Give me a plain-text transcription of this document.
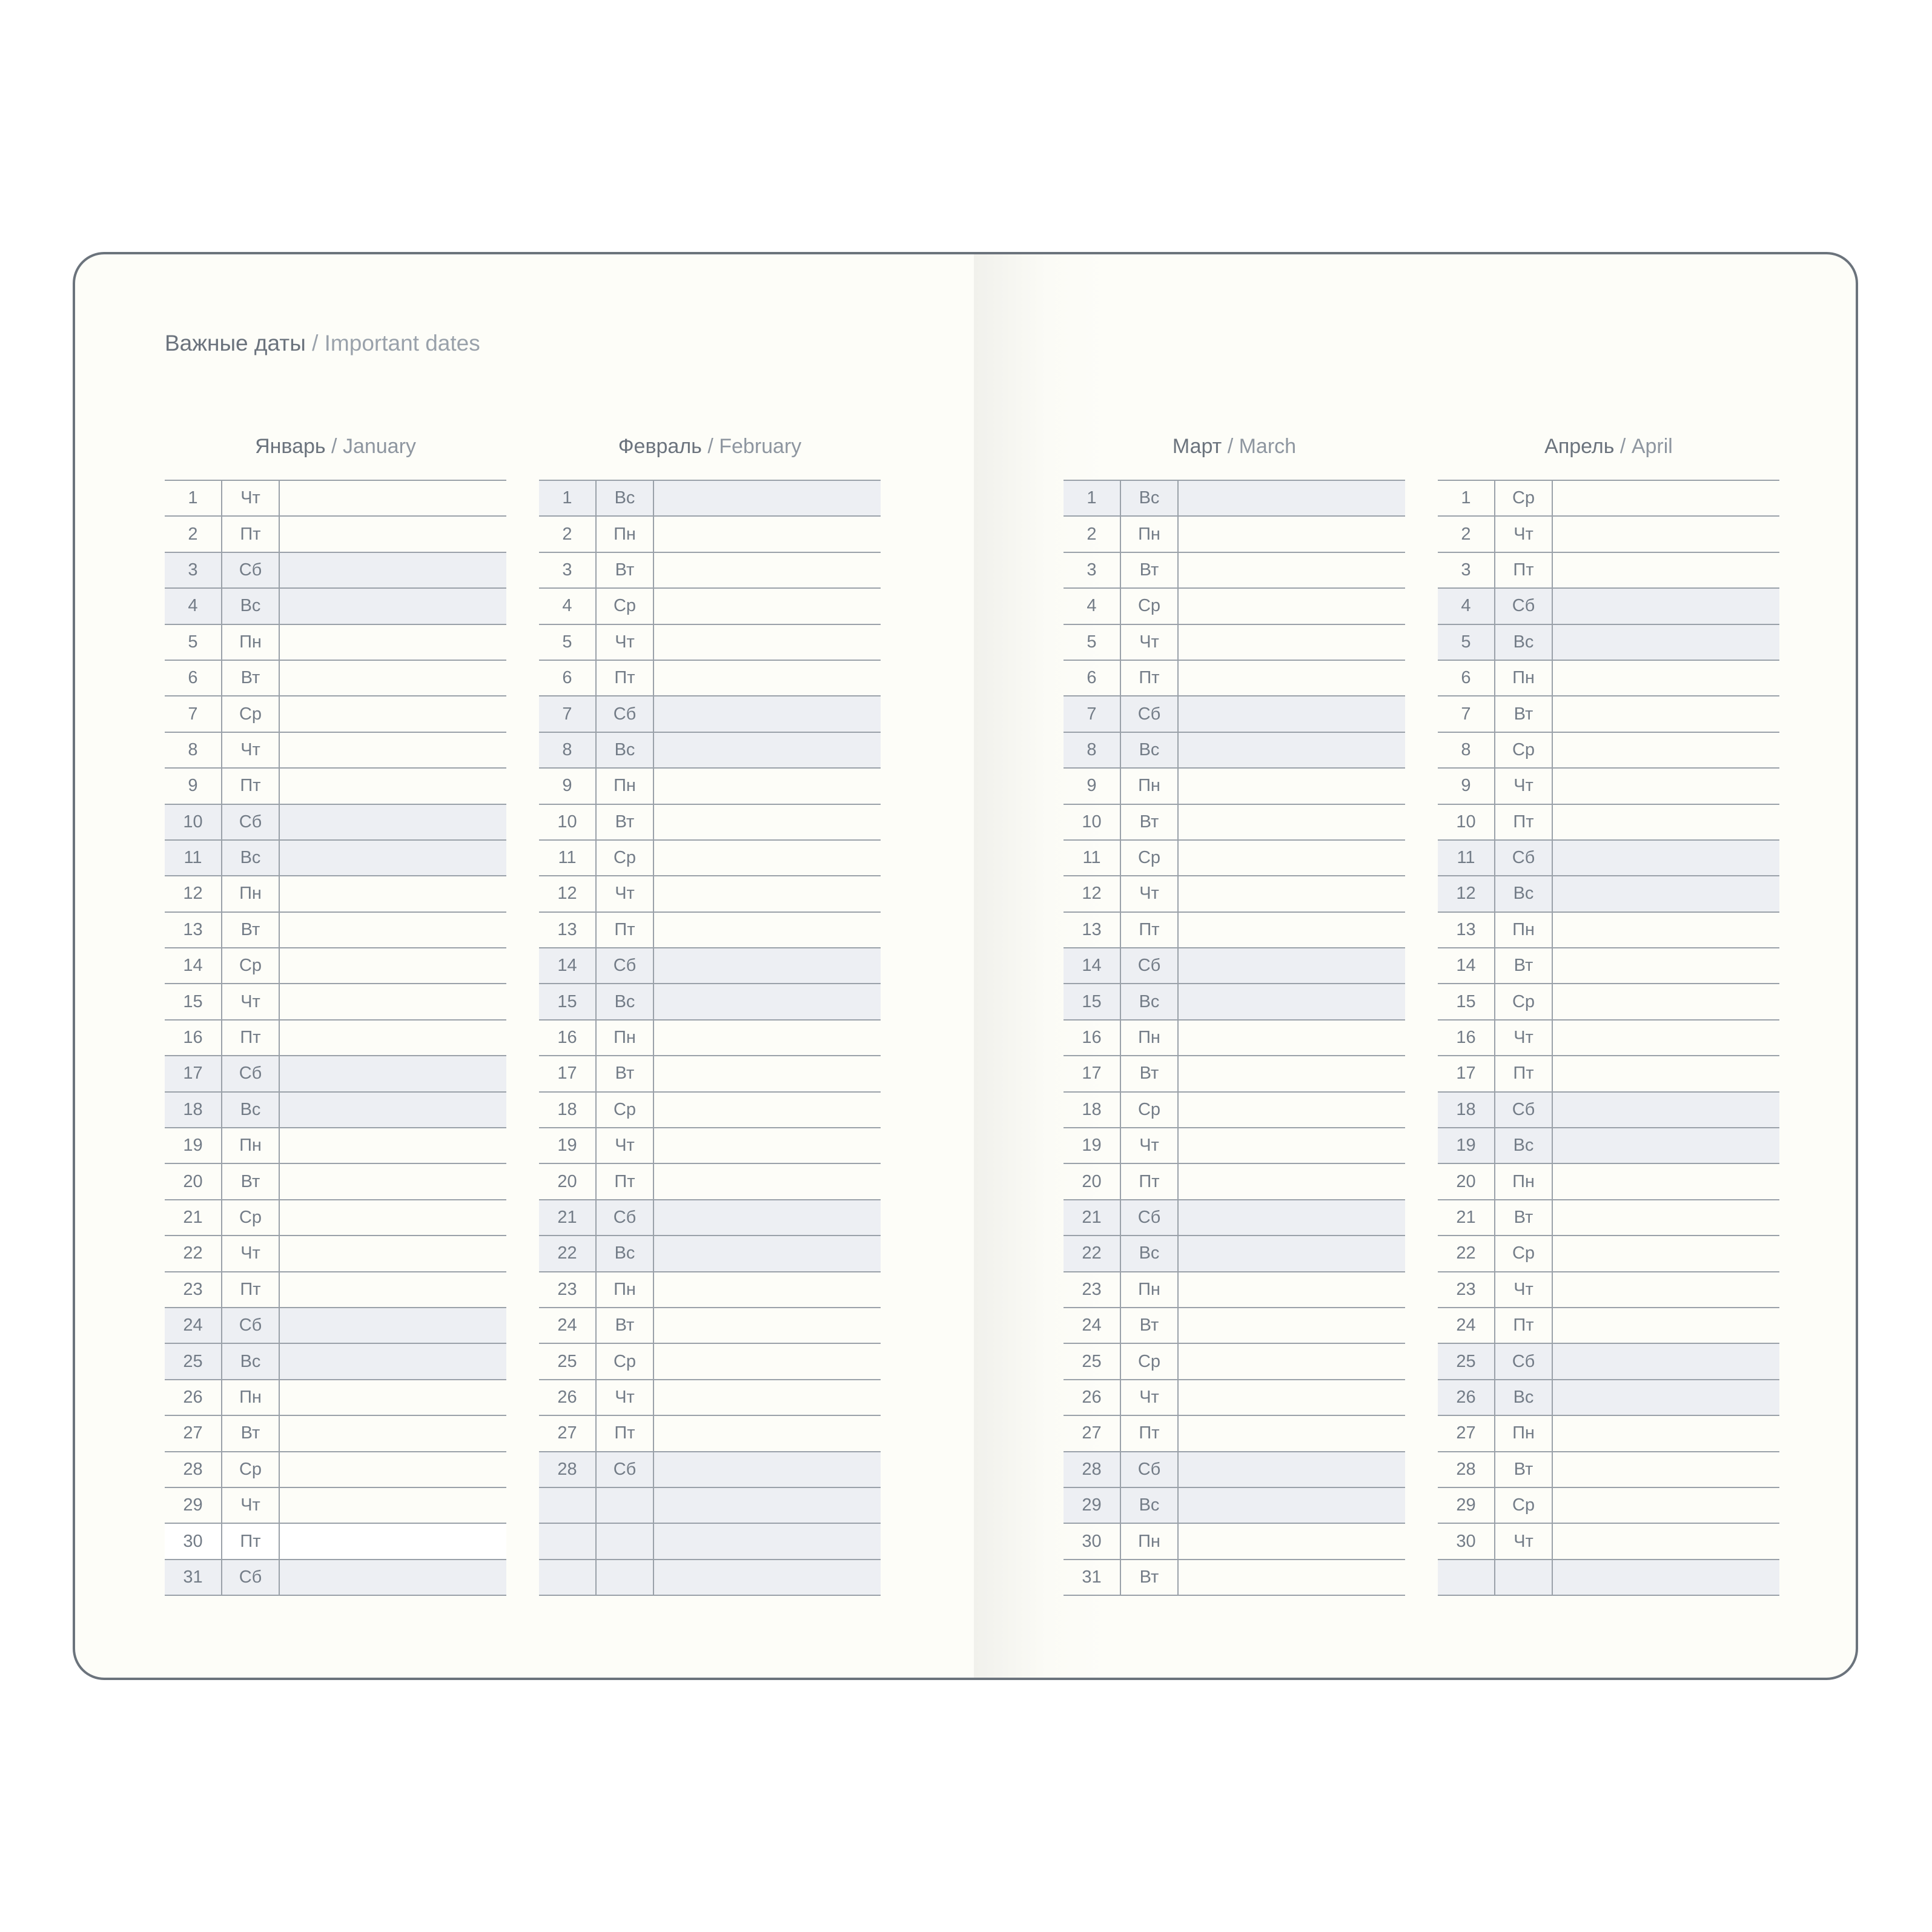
Важные даты / Important dates
Январь / January
1	Чт
2	Пт
3	Сб
4	Вс
5	Пн
6	Вт
7	Ср
8	Чт
9	Пт
10	Сб
11	Вс
12	Пн
13	Вт
14	Ср
15	Чт
16	Пт
17	Сб
18	Вс
19	Пн
20	Вт
21	Ср
22	Чт
23	Пт
24	Сб
25	Вс
26	Пн
27	Вт
28	Ср
29	Чт
30	Пт
31	Сб
Февраль / February
1	Вс
2	Пн
3	Вт
4	Ср
5	Чт
6	Пт
7	Сб
8	Вс
9	Пн
10	Вт
11	Ср
12	Чт
13	Пт
14	Сб
15	Вс
16	Пн
17	Вт
18	Ср
19	Чт
20	Пт
21	Сб
22	Вс
23	Пн
24	Вт
25	Ср
26	Чт
27	Пт
28	Сб
Март / March
1	Вс
2	Пн
3	Вт
4	Ср
5	Чт
6	Пт
7	Сб
8	Вс
9	Пн
10	Вт
11	Ср
12	Чт
13	Пт
14	Сб
15	Вс
16	Пн
17	Вт
18	Ср
19	Чт
20	Пт
21	Сб
22	Вс
23	Пн
24	Вт
25	Ср
26	Чт
27	Пт
28	Сб
29	Вс
30	Пн
31	Вт
Апрель / April
1	Ср
2	Чт
3	Пт
4	Сб
5	Вс
6	Пн
7	Вт
8	Ср
9	Чт
10	Пт
11	Сб
12	Вс
13	Пн
14	Вт
15	Ср
16	Чт
17	Пт
18	Сб
19	Вс
20	Пн
21	Вт
22	Ср
23	Чт
24	Пт
25	Сб
26	Вс
27	Пн
28	Вт
29	Ср
30	Чт
